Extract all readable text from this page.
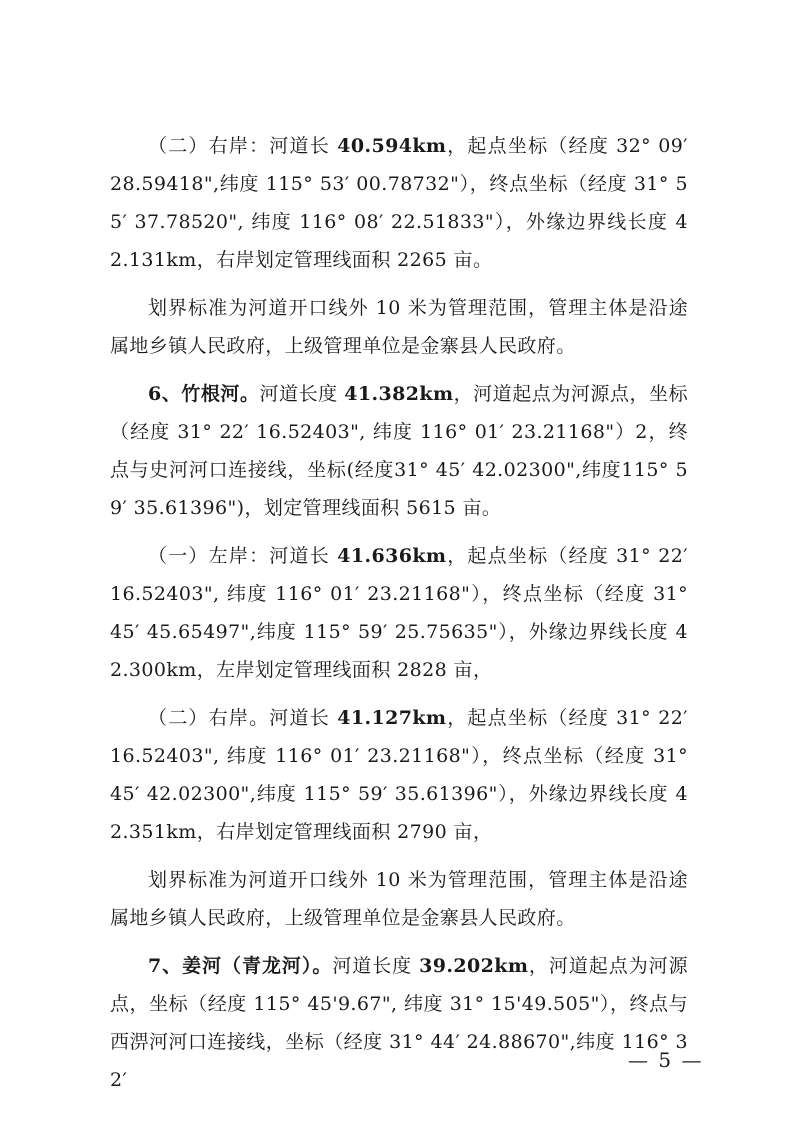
（二）右岸：河道长 40.594km，起点坐标（经度 32° 09′ 28.59418",纬度 115° 53′ 00.78732"），终点坐标（经度 31° 55′ 37.78520", 纬度 116° 08′ 22.51833"），外缘边界线长度 42.131km，右岸划定管理线面积 2265 亩。

划界标准为河道开口线外 10 米为管理范围，管理主体是沿途属地乡镇人民政府，上级管理单位是金寨县人民政府。

6、竹根河。河道长度 41.382km，河道起点为河源点，坐标（经度 31° 22′ 16.52403", 纬度 116° 01′ 23.21168"）2，终点与史河河口连接线，坐标(经度31° 45′ 42.02300",纬度115° 59′ 35.61396")，划定管理线面积 5615 亩。

（一）左岸：河道长 41.636km，起点坐标（经度 31° 22′ 16.52403", 纬度 116° 01′ 23.21168"），终点坐标（经度 31° 45′ 45.65497",纬度 115° 59′ 25.75635"），外缘边界线长度 42.300km，左岸划定管理线面积 2828 亩，

（二）右岸。河道长 41.127km，起点坐标（经度 31° 22′ 16.52403", 纬度 116° 01′ 23.21168"），终点坐标（经度 31° 45′ 42.02300",纬度 115° 59′ 35.61396"），外缘边界线长度 42.351km，右岸划定管理线面积 2790 亩，

划界标准为河道开口线外 10 米为管理范围，管理主体是沿途属地乡镇人民政府，上级管理单位是金寨县人民政府。

7、姜河（青龙河）。河道长度 39.202km，河道起点为河源点，坐标（经度 115° 45'9.67", 纬度 31° 15'49.505"），终点与西淠河河口连接线，坐标（经度 31° 44′ 24.88670",纬度 116° 32′

— 5 —
